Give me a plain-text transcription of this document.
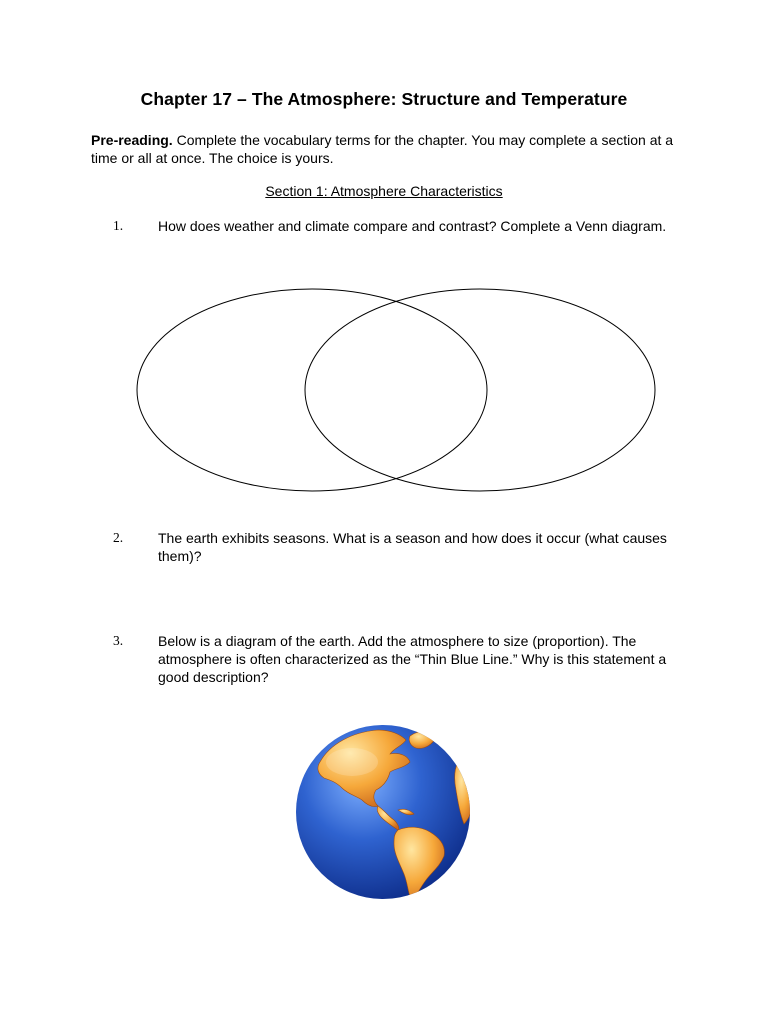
Chapter 17 – The Atmosphere: Structure and Temperature
Pre-reading. Complete the vocabulary terms for the chapter. You may complete a section at a time or all at once. The choice is yours.
Section 1: Atmosphere Characteristics
1. How does weather and climate compare and contrast? Complete a Venn diagram.
2. The earth exhibits seasons. What is a season and how does it occur (what causes them)?
3. Below is a diagram of the earth. Add the atmosphere to size (proportion). The atmosphere is often characterized as the “Thin Blue Line.” Why is this statement a good description?
